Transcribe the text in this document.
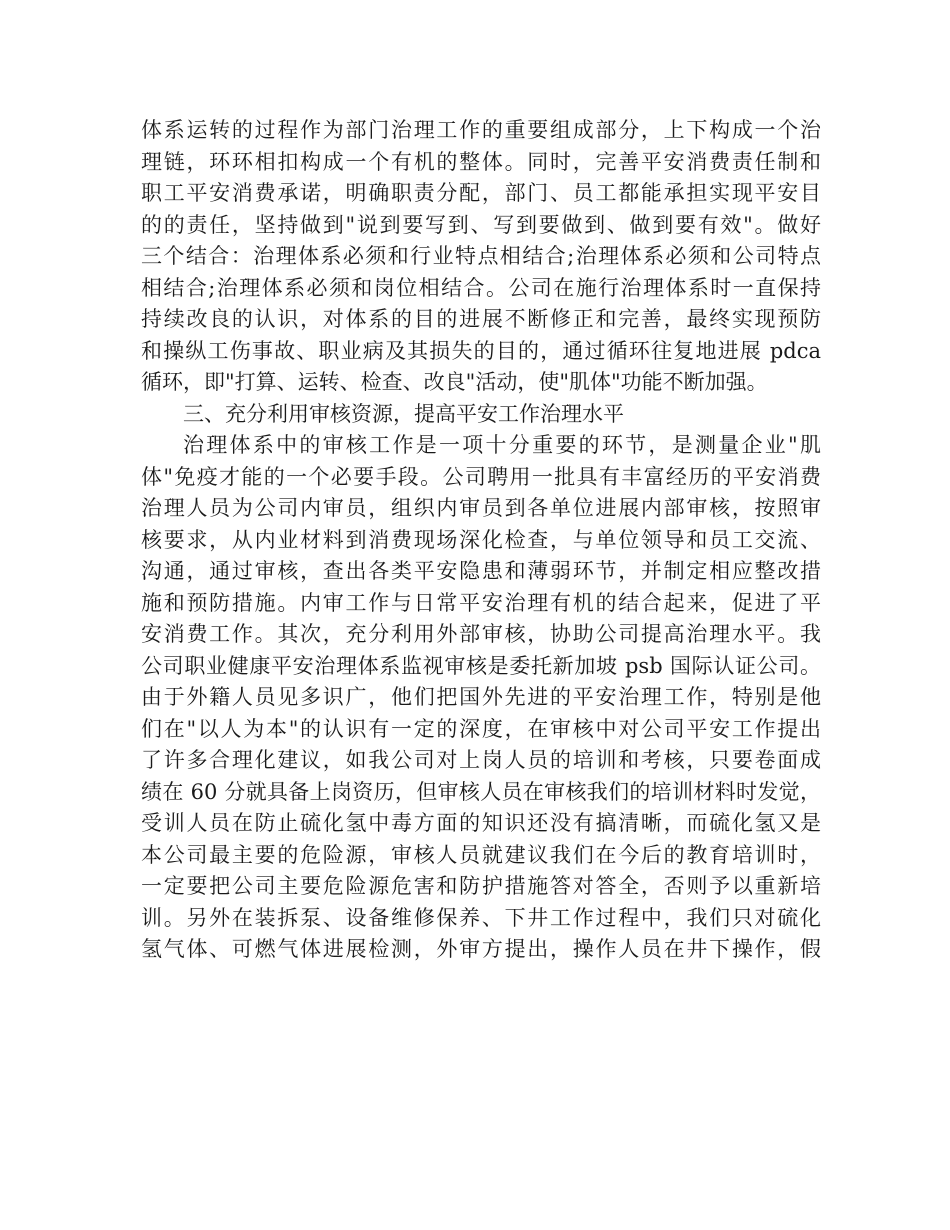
体系运转的过程作为部门治理工作的重要组成部分，上下构成一个治
理链，环环相扣构成一个有机的整体。同时，完善平安消费责任制和
职工平安消费承诺，明确职责分配，部门、员工都能承担实现平安目
的的责任，坚持做到"说到要写到、写到要做到、做到要有效"。做好
三个结合：治理体系必须和行业特点相结合;治理体系必须和公司特点
相结合;治理体系必须和岗位相结合。公司在施行治理体系时一直保持
持续改良的认识，对体系的目的进展不断修正和完善，最终实现预防
和操纵工伤事故、职业病及其损失的目的，通过循环往复地进展 pdca
循环，即"打算、运转、检查、改良"活动，使"肌体"功能不断加强。
三、充分利用审核资源，提高平安工作治理水平
治理体系中的审核工作是一项十分重要的环节，是测量企业"肌
体"免疫才能的一个必要手段。公司聘用一批具有丰富经历的平安消费
治理人员为公司内审员，组织内审员到各单位进展内部审核，按照审
核要求，从内业材料到消费现场深化检查，与单位领导和员工交流、
沟通，通过审核，查出各类平安隐患和薄弱环节，并制定相应整改措
施和预防措施。内审工作与日常平安治理有机的结合起来，促进了平
安消费工作。其次，充分利用外部审核，协助公司提高治理水平。我
公司职业健康平安治理体系监视审核是委托新加坡 psb 国际认证公司。
由于外籍人员见多识广，他们把国外先进的平安治理工作，特别是他
们在"以人为本"的认识有一定的深度，在审核中对公司平安工作提出
了许多合理化建议，如我公司对上岗人员的培训和考核，只要卷面成
绩在 60 分就具备上岗资历，但审核人员在审核我们的培训材料时发觉，
受训人员在防止硫化氢中毒方面的知识还没有搞清晰，而硫化氢又是
本公司最主要的危险源，审核人员就建议我们在今后的教育培训时，
一定要把公司主要危险源危害和防护措施答对答全，否则予以重新培
训。另外在装拆泵、设备维修保养、下井工作过程中，我们只对硫化
氢气体、可燃气体进展检测，外审方提出，操作人员在井下操作，假
